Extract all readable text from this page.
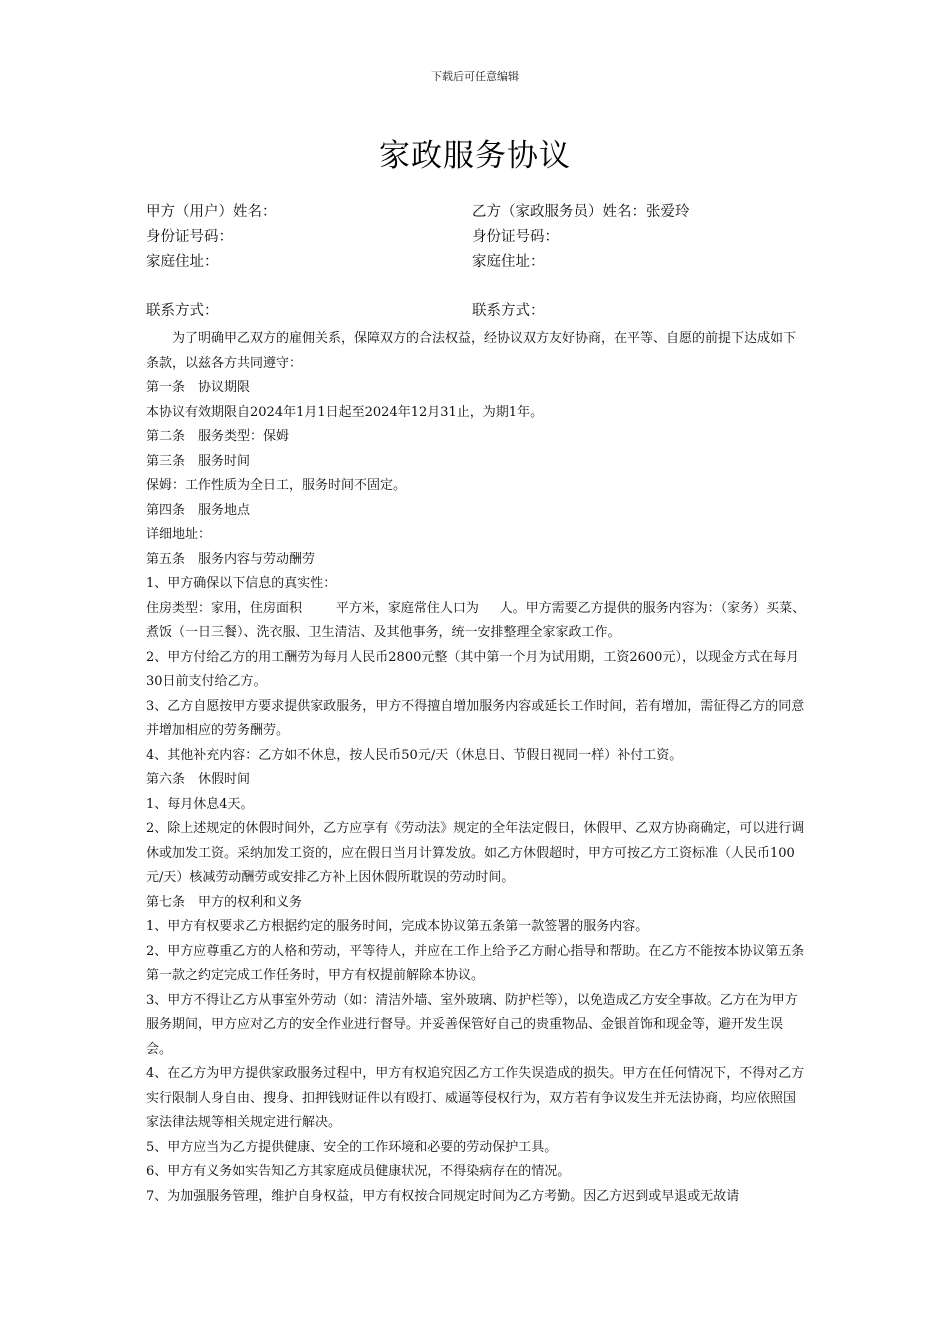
下载后可任意编辑
家政服务协议
甲方（用户）姓名：	乙方（家政服务员）姓名：张爱玲
身份证号码：	身份证号码：
家庭住址：	家庭住址：
联系方式：	联系方式：

为了明确甲乙双方的雇佣关系，保障双方的合法权益，经协议双方友好协商，在平等、自愿的前提下达成如下条款，以兹各方共同遵守：

第一条　协议期限

本协议有效期限自2024年1月1日起至2024年12月31止，为期1年。

第二条　服务类型：保姆

第三条　服务时间

保姆：工作性质为全日工，服务时间不固定。

第四条　服务地点

详细地址：

第五条　服务内容与劳动酬劳

1、甲方确保以下信息的真实性：

住房类型：家用，住房面积	平方米，家庭常住人口为 人。甲方需要乙方提供的服务内容为：（家务）买菜、煮饭（一日三餐）、洗衣服、卫生清洁、及其他事务，统一安排整理全家家政工作。

2、甲方付给乙方的用工酬劳为每月人民币2800元整（其中第一个月为试用期，工资2600元），以现金方式在每月30日前支付给乙方。

3、乙方自愿按甲方要求提供家政服务，甲方不得擅自增加服务内容或延长工作时间，若有增加，需征得乙方的同意并增加相应的劳务酬劳。

4、其他补充内容：乙方如不休息，按人民币50元/天（休息日、节假日视同一样）补付工资。

第六条　休假时间

1、每月休息4天。

2、除上述规定的休假时间外，乙方应享有《劳动法》规定的全年法定假日，休假甲、乙双方协商确定，可以进行调休或加发工资。采纳加发工资的，应在假日当月计算发放。如乙方休假超时，甲方可按乙方工资标准（人民币100元/天）核减劳动酬劳或安排乙方补上因休假所耽误的劳动时间。

第七条　甲方的权利和义务

1、甲方有权要求乙方根据约定的服务时间，完成本协议第五条第一款签署的服务内容。

2、甲方应尊重乙方的人格和劳动，平等待人，并应在工作上给予乙方耐心指导和帮助。在乙方不能按本协议第五条第一款之约定完成工作任务时，甲方有权提前解除本协议。

3、甲方不得让乙方从事室外劳动（如：清洁外墙、室外玻璃、防护栏等），以免造成乙方安全事故。乙方在为甲方服务期间，甲方应对乙方的安全作业进行督导。并妥善保管好自己的贵重物品、金银首饰和现金等，避开发生误会。

4、在乙方为甲方提供家政服务过程中，甲方有权追究因乙方工作失误造成的损失。甲方在任何情况下，不得对乙方实行限制人身自由、搜身、扣押钱财证件以有殴打、威逼等侵权行为，双方若有争议发生并无法协商，均应依照国家法律法规等相关规定进行解决。

5、甲方应当为乙方提供健康、安全的工作环境和必要的劳动保护工具。

6、甲方有义务如实告知乙方其家庭成员健康状况，不得染病存在的情况。

7、为加强服务管理，维护自身权益，甲方有权按合同规定时间为乙方考勤。因乙方迟到或早退或无故请
